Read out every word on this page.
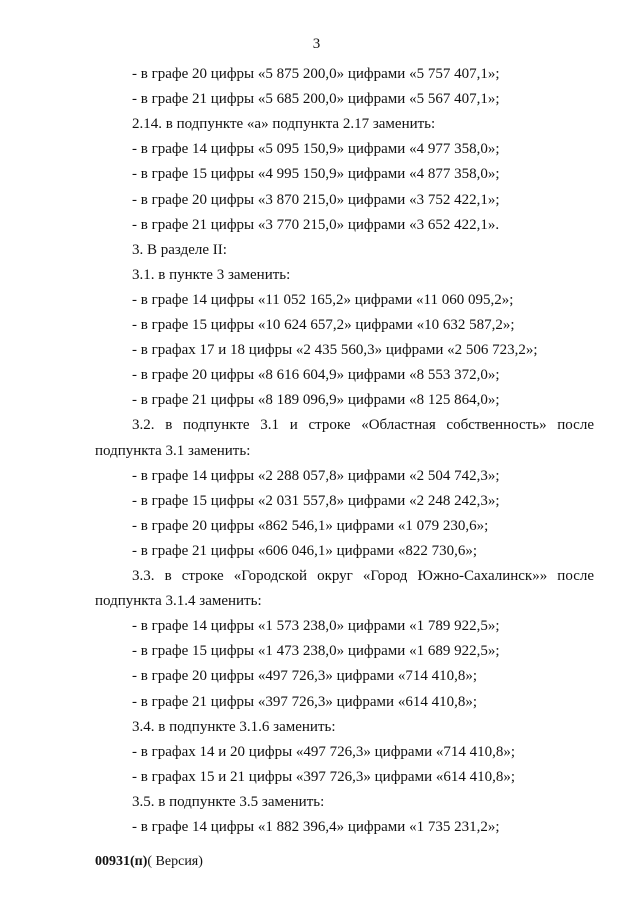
3
- в графе 20 цифры «5 875 200,0» цифрами «5 757 407,1»;
- в графе 21 цифры «5 685 200,0» цифрами «5 567 407,1»;
2.14. в подпункте «а» подпункта 2.17 заменить:
- в графе 14 цифры «5 095 150,9» цифрами «4 977 358,0»;
- в графе 15 цифры «4 995 150,9» цифрами «4 877 358,0»;
- в графе 20 цифры «3 870 215,0» цифрами «3 752 422,1»;
- в графе 21 цифры «3 770 215,0» цифрами «3 652 422,1».
3. В разделе II:
3.1. в пункте 3 заменить:
- в графе 14 цифры «11 052 165,2» цифрами «11 060 095,2»;
- в графе 15 цифры «10 624 657,2» цифрами «10 632 587,2»;
- в графах 17 и 18 цифры «2 435 560,3» цифрами «2 506 723,2»;
- в графе 20 цифры «8 616 604,9» цифрами «8 553 372,0»;
- в графе 21 цифры «8 189 096,9» цифрами «8 125 864,0»;
3.2. в подпункте 3.1 и строке «Областная собственность» после
подпункта 3.1 заменить:
- в графе 14 цифры «2 288 057,8» цифрами «2 504 742,3»;
- в графе 15 цифры «2 031 557,8» цифрами «2 248 242,3»;
- в графе 20 цифры «862 546,1» цифрами «1 079 230,6»;
- в графе 21 цифры «606 046,1» цифрами «822 730,6»;
3.3. в строке «Городской округ «Город Южно-Сахалинск»» после
подпункта 3.1.4 заменить:
- в графе 14 цифры «1 573 238,0» цифрами «1 789 922,5»;
- в графе 15 цифры «1 473 238,0» цифрами «1 689 922,5»;
- в графе 20 цифры «497 726,3» цифрами «714 410,8»;
- в графе 21 цифры «397 726,3» цифрами «614 410,8»;
3.4. в подпункте 3.1.6 заменить:
- в графах 14 и 20 цифры «497 726,3» цифрами «714 410,8»;
- в графах 15 и 21 цифры «397 726,3» цифрами «614 410,8»;
3.5. в подпункте 3.5 заменить:
- в графе 14 цифры «1 882 396,4» цифрами «1 735 231,2»;
00931(п)( Версия)
